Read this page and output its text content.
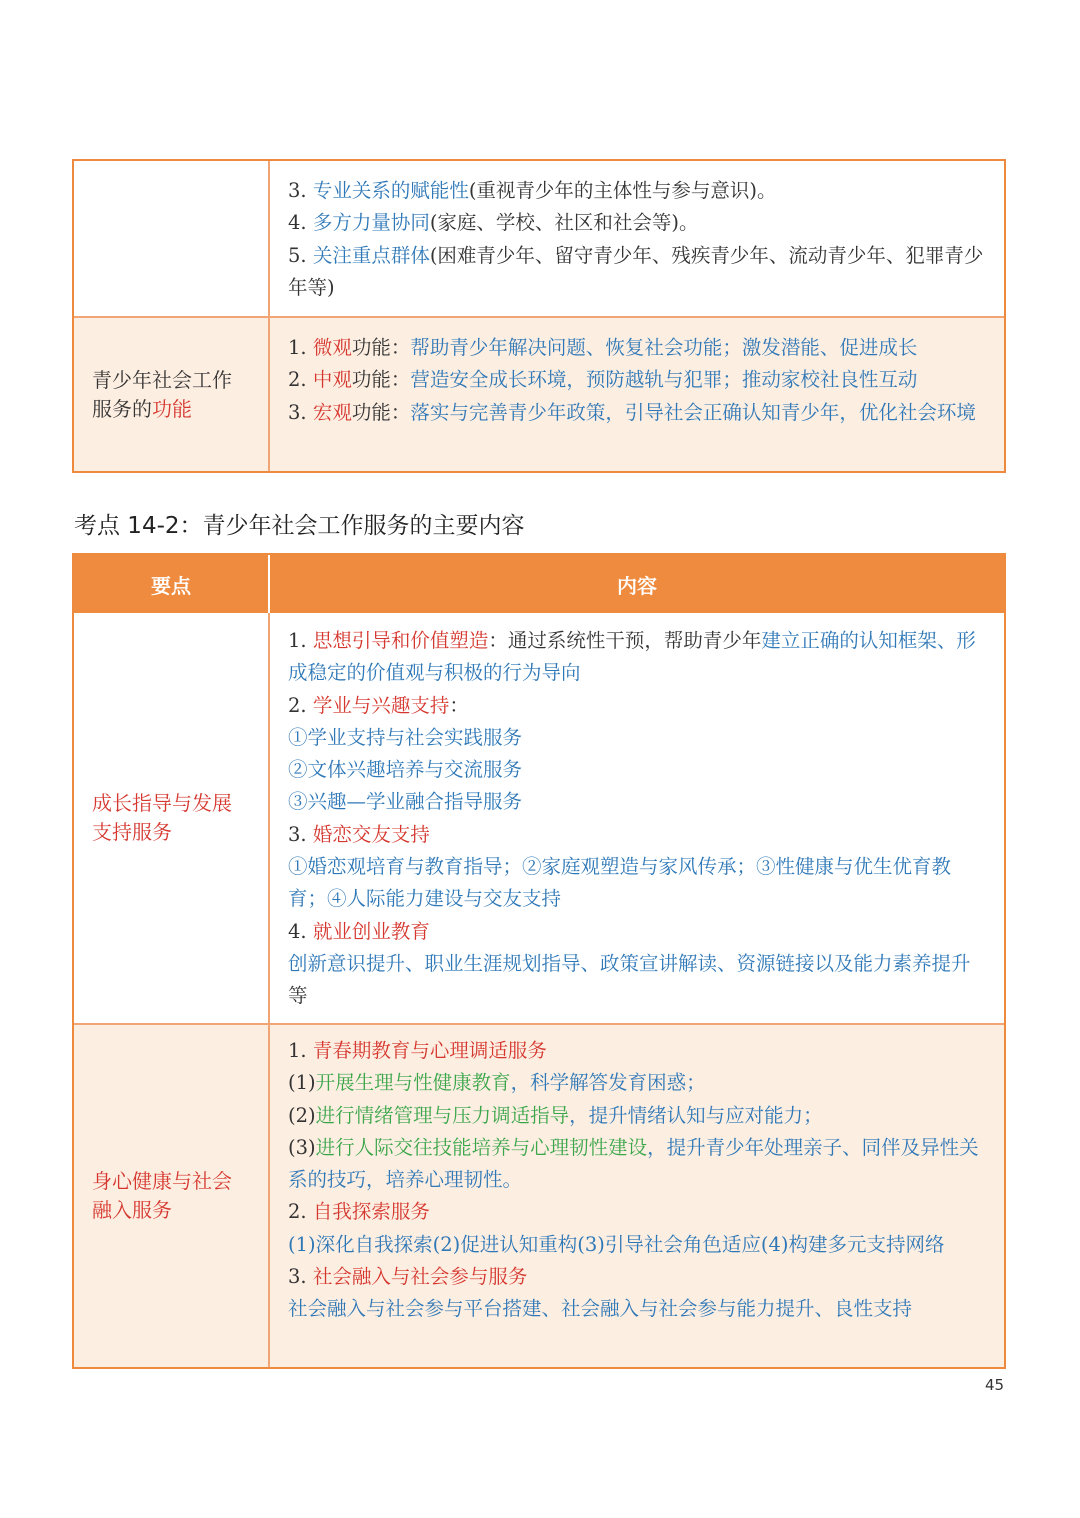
3. 专业关系的赋能性(重视青少年的主体性与参与意识)。
4. 多方力量协同(家庭、学校、社区和社会等)。
5. 关注重点群体(困难青少年、留守青少年、残疾青少年、流动青少年、犯罪青少年等)
青少年社会工作服务的功能
1. 微观功能：帮助青少年解决问题、恢复社会功能；激发潜能、促进成长
2. 中观功能：营造安全成长环境，预防越轨与犯罪；推动家校社良性互动
3. 宏观功能：落实与完善青少年政策，引导社会正确认知青少年，优化社会环境
考点 14-2：青少年社会工作服务的主要内容
要点	内容
成长指导与发展支持服务
1. 思想引导和价值塑造：通过系统性干预，帮助青少年建立正确的认知框架、形成稳定的价值观与积极的行为导向
2. 学业与兴趣支持：
①学业支持与社会实践服务
②文体兴趣培养与交流服务
③兴趣—学业融合指导服务
3. 婚恋交友支持
①婚恋观培育与教育指导；②家庭观塑造与家风传承；③性健康与优生优育教育；④人际能力建设与交友支持
4. 就业创业教育
创新意识提升、职业生涯规划指导、政策宣讲解读、资源链接以及能力素养提升等
身心健康与社会融入服务
1. 青春期教育与心理调适服务
(1)开展生理与性健康教育，科学解答发育困惑；
(2)进行情绪管理与压力调适指导，提升情绪认知与应对能力；
(3)进行人际交往技能培养与心理韧性建设，提升青少年处理亲子、同伴及异性关系的技巧，培养心理韧性。
2. 自我探索服务
(1)深化自我探索(2)促进认知重构(3)引导社会角色适应(4)构建多元支持网络
3. 社会融入与社会参与服务
社会融入与社会参与平台搭建、社会融入与社会参与能力提升、良性支持
45
